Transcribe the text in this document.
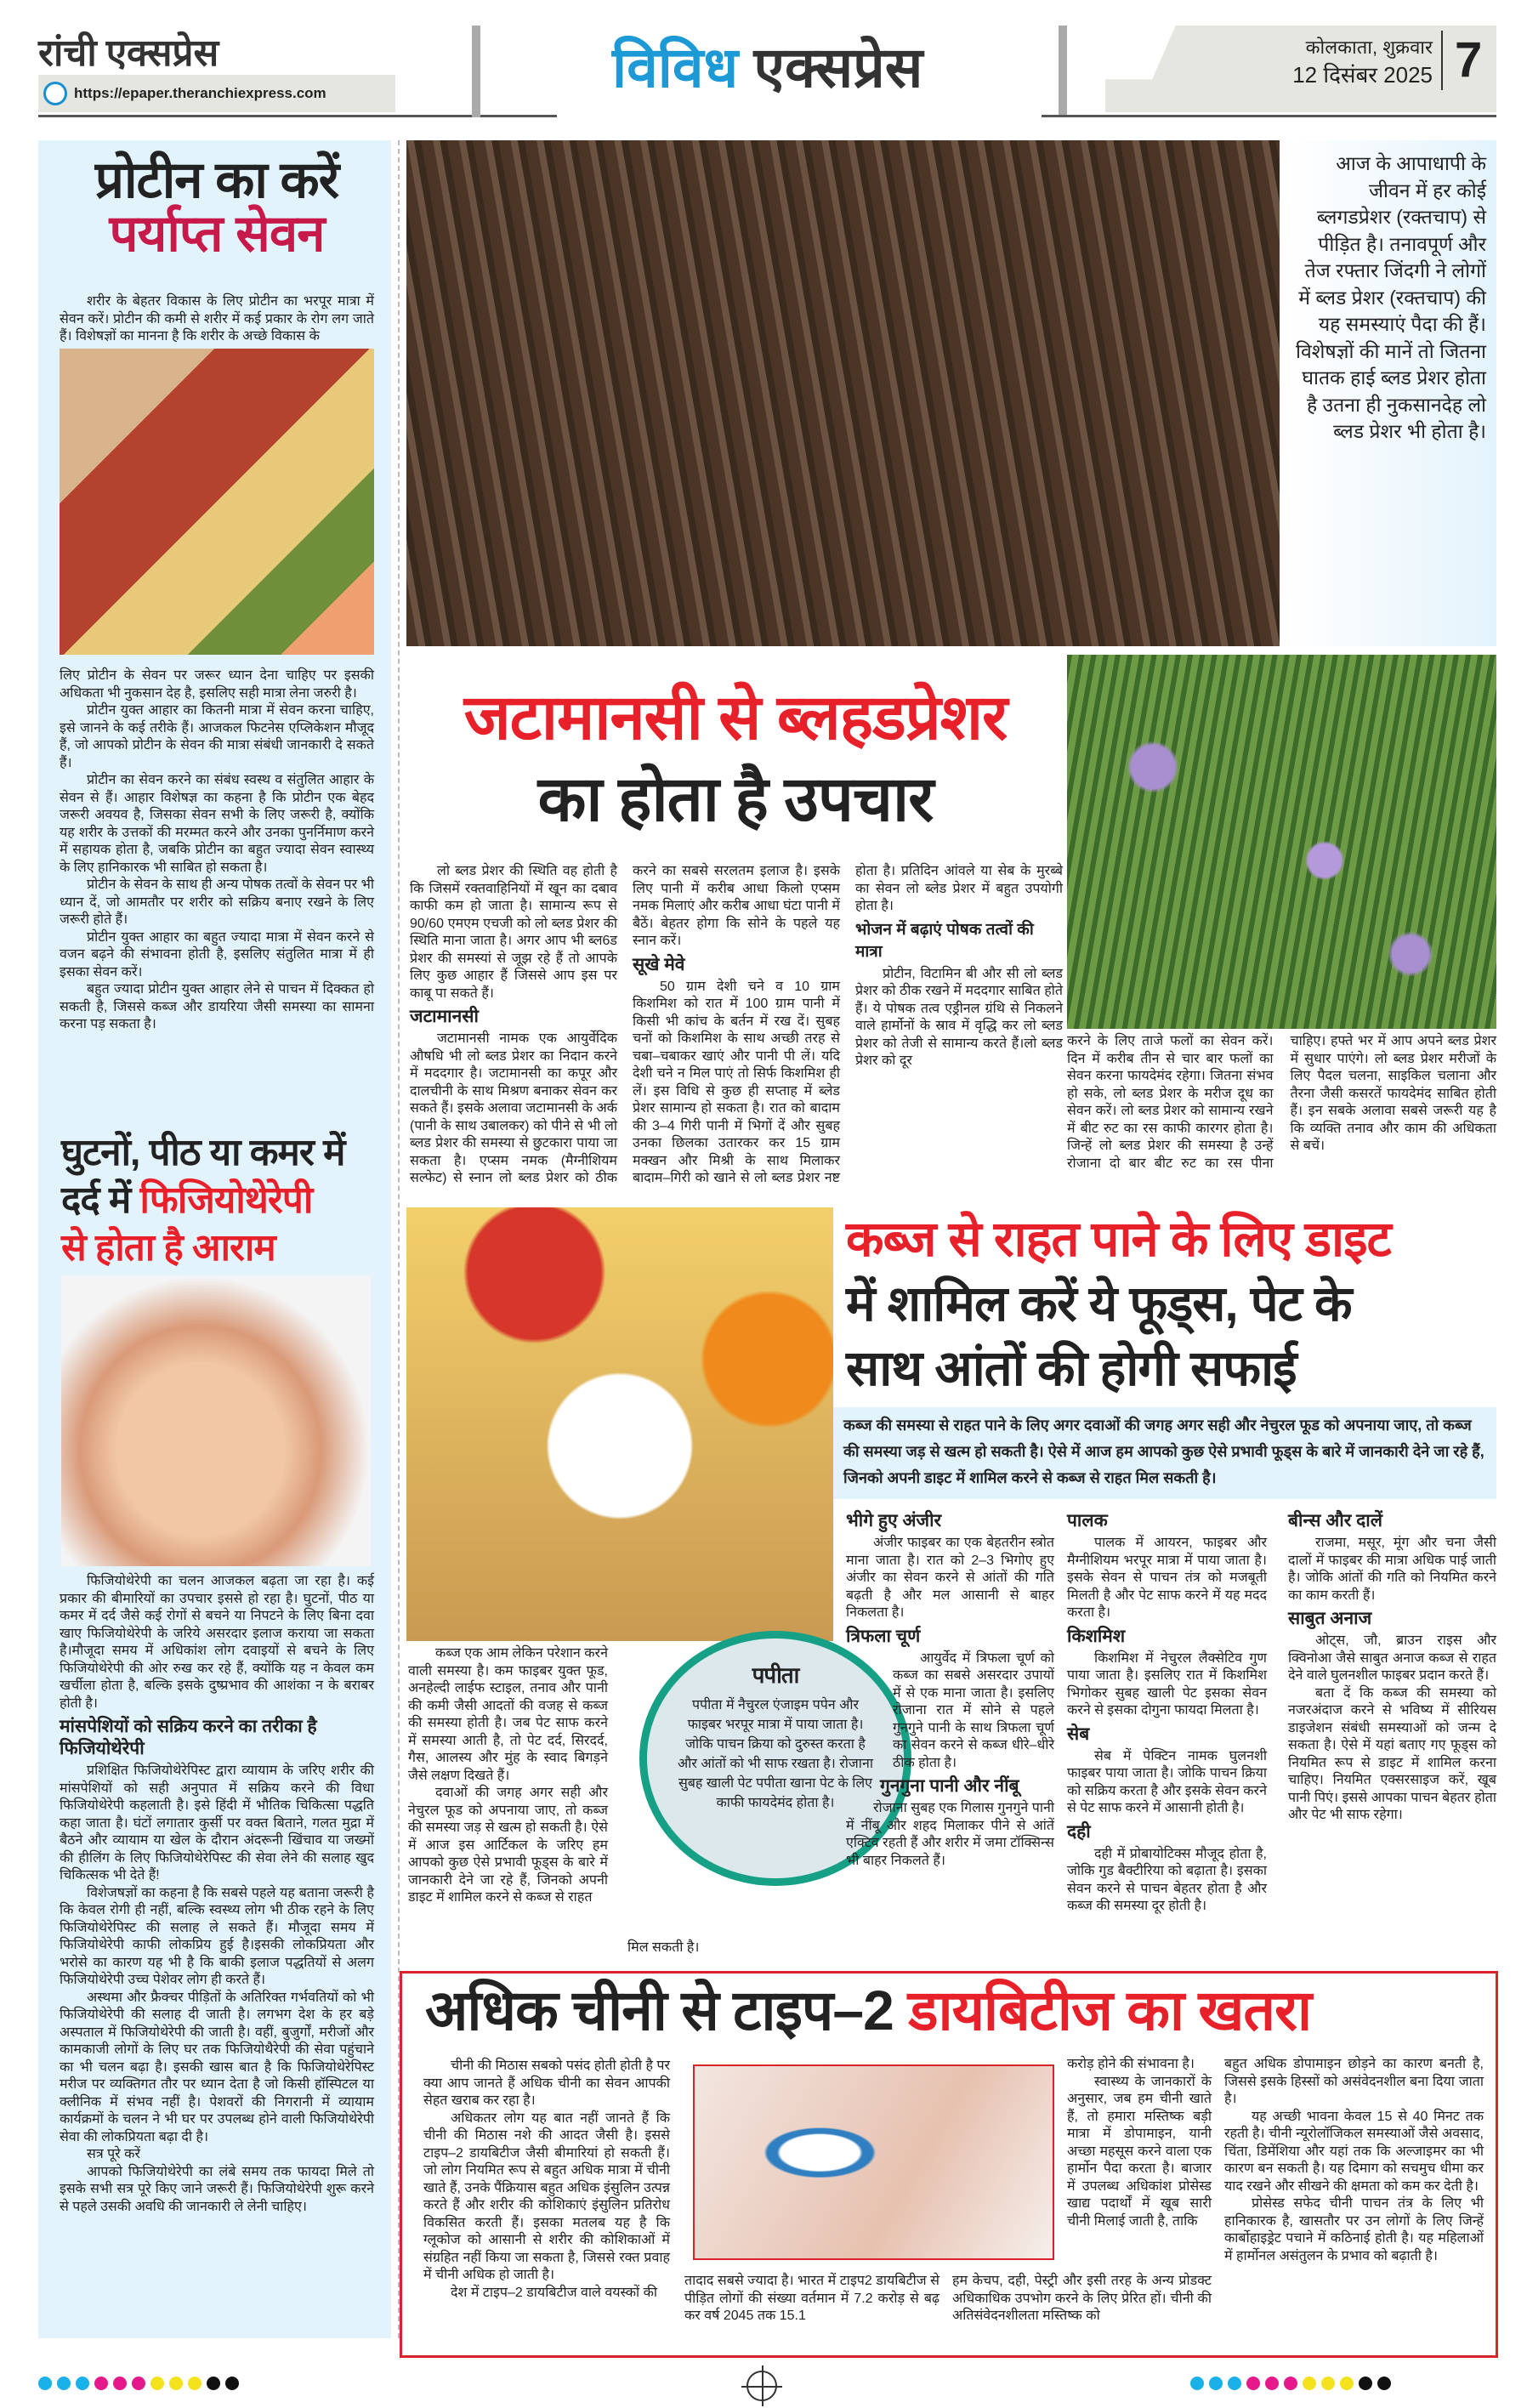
रांची एक्सप्रेस
https://epaper.theranchiexpress.com	विविध एक्सप्रेस	कोलकाता, शुक्रवार
12 दिसंबर 2025 7
प्रोटीन का करें
पर्याप्त सेवन

शरीर के बेहतर विकास के लिए प्रोटीन का भरपूर मात्रा में सेवन करें। प्रोटीन की कमी से शरीर में कई प्रकार के रोग लग जाते हैं। विशेषज्ञों का मानना है कि शरीर के अच्छे विकास के

लिए प्रोटीन के सेवन पर जरूर ध्यान देना चाहिए पर इसकी अधिकता भी नुकसान देह है, इसलिए सही मात्रा लेना जरुरी है।

प्रोटीन युक्त आहार का कितनी मात्रा में सेवन करना चाहिए, इसे जानने के कई तरीके हैं। आजकल फिटनेस एप्लिकेशन मौजूद हैं, जो आपको प्रोटीन के सेवन की मात्रा संबंधी जानकारी दे सकते हैं।

प्रोटीन का सेवन करने का संबंध स्वस्थ व संतुलित आहार के सेवन से हैं। आहार विशेषज्ञ का कहना है कि प्रोटीन एक बेहद जरूरी अवयव है, जिसका सेवन सभी के लिए जरूरी है, क्योंकि यह शरीर के उत्तकों की मरम्मत करने और उनका पुनर्निमाण करने में सहायक होता है, जबकि प्रोटीन का बहुत ज्यादा सेवन स्वास्थ्य के लिए हानिकारक भी साबित हो सकता है।

प्रोटीन के सेवन के साथ ही अन्य पोषक तत्वों के सेवन पर भी ध्यान दें, जो आमतौर पर शरीर को सक्रिय बनाए रखने के लिए जरूरी होते हैं।

प्रोटीन युक्त आहार का बहुत ज्यादा मात्रा में सेवन करने से वजन बढ़ने की संभावना होती है, इसलिए संतुलित मात्रा में ही इसका सेवन करें।

बहुत ज्यादा प्रोटीन युक्त आहार लेने से पाचन में दिक्कत हो सकती है, जिससे कब्ज और डायरिया जैसी समस्या का सामना करना पड़ सकता है।

घुटनों, पीठ या कमर में
दर्द में फिजियोथेरेपी
से होता है आराम

फिजियोथेरेपी का चलन आजकल बढ़ता जा रहा है। कई प्रकार की बीमारियों का उपचार इससे हो रहा है। घुटनों, पीठ या कमर में दर्द जैसे कई रोगों से बचने या निपटने के लिए बिना दवा खाए फिजियोथेरेपी के जरिये असरदार इलाज कराया जा सकता है।मौजूदा समय में अधिकांश लोग दवाइयों से बचने के लिए फिजियोथेरेपी की ओर रुख कर रहे हैं, क्योंकि यह न केवल कम खर्चीला होता है, बल्कि इसके दुष्प्रभाव की आशंका न के बराबर होती है।

मांसपेशियों को सक्रिय करने का तरीका है फिजियोथेरेपी

प्रशिक्षित फिजियोथेरेपिस्ट द्वारा व्यायाम के जरिए शरीर की मांसपेशियों को सही अनुपात में सक्रिय करने की विधा फिजियोथेरेपी कहलाती है। इसे हिंदी में भौतिक चिकित्सा पद्धति कहा जाता है। घंटों लगातार कुर्सी पर वक्त बिताने, गलत मुद्रा में बैठने और व्यायाम या खेल के दौरान अंदरूनी खिंचाव या जख्मों की हीलिंग के लिए फिजियोथेरेपिस्ट की सेवा लेने की सलाह खुद चिकित्सक भी देते हैं!

विशेजषज्ञों का कहना है कि सबसे पहले यह बताना जरूरी है कि केवल रोगी ही नहीं, बल्कि स्वस्थ्य लोग भी ठीक रहने के लिए फिजियोथेरेपिस्ट की सलाह ले सकते हैं। मौजूदा समय में फिजियोथेरेपी काफी लोकप्रिय हुई है।इसकी लोकप्रियता और भरोसे का कारण यह भी है कि बाकी इलाज पद्धतियों से अलग फिजियोथेरेपी उच्च पेशेवर लोग ही करते हैं।

अस्थमा और फ्रैक्चर पीड़ितों के अतिरिक्त गर्भवतियों को भी फिजियोथेरेपी की सलाह दी जाती है। लगभग देश के हर बड़े अस्पताल में फिजियोथेरेपी की जाती है। वहीं, बुजुर्गों, मरीजों और कामकाजी लोगों के लिए घर तक फिजियोथैरेपी की सेवा पहुंचाने का भी चलन बढ़ा है। इसकी खास बात है कि फिजियोथेरेपिस्ट मरीज पर व्यक्तिगत तौर पर ध्यान देता है जो किसी हॉस्पिटल या क्लीनिक में संभव नहीं है। पेशवरों की निगरानी में व्यायाम कार्यक्रमों के चलन ने भी घर पर उपलब्ध होने वाली फिजियोथेरेपी सेवा की लोकप्रियता बढ़ा दी है।

सत्र पूरे करें

आपको फिजियोथेरेपी का लंबे समय तक फायदा मिले तो इसके सभी सत्र पूरे किए जाने जरूरी हैं। फिजियोथेरेपी शुरू करने से पहले उसकी अवधि की जानकारी ले लेनी चाहिए।

आज के आपाधापी के जीवन में हर कोई ब्लगडप्रेशर (रक्तचाप) से पीड़ित है। तनावपूर्ण और तेज रफ्तार जिंदगी ने लोगों में ब्लड प्रेशर (रक्तचाप) की यह समस्याएं पैदा की हैं। विशेषज्ञों की मानें तो जितना घातक हाई ब्लड प्रेशर होता है उतना ही नुकसानदेह लो ब्लड प्रेशर भी होता है।
जटामानसी से ब्लहडप्रेशर
का होता है उपचार

लो ब्लड प्रेशर की स्थिति वह होती है कि जिसमें रक्तवाहिनियों में खून का दबाव काफी कम हो जाता है। सामान्य रूप से 90/60 एमएम एचजी को लो ब्लड प्रेशर की स्थिति माना जाता है। अगर आप भी ब्ल6ड प्रेशर की समस्यां से जूझ रहे हैं तो आपके लिए कुछ आहार हैं जिससे आप इस पर काबू पा सकते हैं।

जटामानसी

जटामानसी नामक एक आयुर्वेदिक औषधि भी लो ब्लड प्रेशर का निदान करने में मददगार है। जटामानसी का कपूर और दालचीनी के साथ मिश्रण बनाकर सेवन कर सकते हैं। इसके अलावा जटामानसी के अर्क (पानी के साथ उबालकर) को पीने से भी लो ब्लड प्रेशर की समस्या से छुटकारा पाया जा सकता है। एप्सम नमक (मैग्नीशियम सल्फेट) से स्नान लो ब्लड प्रेशर को ठीक करने का सबसे सरलतम इलाज है। इसके लिए पानी में करीब आधा किलो एप्सम नमक मिलाएं और करीब आधा घंटा पानी में बैठें। बेहतर होगा कि सोने के पहले यह स्नान करें।

सूखे मेवे

50 ग्राम देशी चने व 10 ग्राम किशमिश को रात में 100 ग्राम पानी में किसी भी कांच के बर्तन में रख दें। सुबह चनों को किशमिश के साथ अच्छी तरह से चबा–चबाकर खाएं और पानी पी लें। यदि देशी चने न मिल पाएं तो सिर्फ किशमिश ही लें। इस विधि से कुछ ही सप्ताह में ब्लेड प्रेशर सामान्य हो सकता है। रात को बादाम की 3–4 गिरी पानी में भिगों दें और सुबह उनका छिलका उतारकर कर 15 ग्राम मक्खन और मिश्री के साथ मिलाकर बादाम–गिरी को खाने से लो ब्लड प्रेशर नष्ट होता है। प्रतिदिन आंवले या सेब के मुरब्बे का सेवन लो ब्लेड प्रेशर में बहुत उपयोगी होता है।

भोजन में बढ़ाएं पोषक तत्वों की मात्रा

प्रोटीन, विटामिन बी और सी लो ब्लड प्रेशर को ठीक रखने में मददगार साबित होते हैं। ये पोषक तत्व एड्रीनल ग्रंथि से निकलने वाले हार्मोनों के स्राव में वृद्धि कर लो ब्लड प्रेशर को तेजी से सामान्य करते हैं।लो ब्लड प्रेशर को दूर

करने के लिए ताजे फलों का सेवन करें। दिन में करीब तीन से चार बार फलों का सेवन करना फायदेमंद रहेगा। जितना संभव हो सके, लो ब्लड प्रेशर के मरीज दूध का सेवन करें। लो ब्लड प्रेशर को सामान्य रखने में बीट रुट का रस काफी कारगर होता है। जिन्हें लो ब्लड प्रेशर की समस्या है उन्हें रोजाना दो बार बीट रुट का रस पीना चाहिए। हफ्ते भर में आप अपने ब्लड प्रेशर में सुधार पाएंगे। लो ब्लड प्रेशर मरीजों के लिए पैदल चलना, साइकिल चलाना और तैरना जैसी कसरतें फायदेमंद साबित होती हैं। इन सबके अलावा सबसे जरूरी यह है कि व्यक्ति तनाव और काम की अधिकता से बचें।

कब्ज से राहत पाने के लिए डाइट
में शामिल करें ये फूड्स, पेट के
साथ आंतों की होगी सफाई
कब्ज की समस्या से राहत पाने के लिए अगर दवाओं की जगह अगर सही और नेचुरल फूड को अपनाया जाए, तो कब्ज की समस्या जड़ से खत्म हो सकती है। ऐसे में आज हम आपको कुछ ऐसे प्रभावी फूड्स के बारे में जानकारी देने जा रहे हैं, जिनको अपनी डाइट में शामिल करने से कब्ज से राहत मिल सकती है।

कब्ज एक आम लेकिन परेशान करने वाली समस्या है। कम फाइबर युक्त फूड, अनहेल्दी लाईफ स्टाइल, तनाव और पानी की कमी जैसी आदतों की वजह से कब्ज की समस्या होती है। जब पेट साफ करने में समस्या आती है, तो पेट दर्द, सिरदर्द, गैस, आलस्य और मुंह के स्वाद बिगड़ने जैसे लक्षण दिखते हैं।

दवाओं की जगह अगर सही और नेचुरल फूड को अपनाया जाए, तो कब्ज की समस्या जड़ से खत्म हो सकती है। ऐसे में आज इस आर्टिकल के जरिए हम आपको कुछ ऐसे प्रभावी फूड्स के बारे में जानकारी देने जा रहे हैं, जिनको अपनी डाइट में शामिल करने से कब्ज से राहत

मिल सकती है।
पपीता
पपीता में नैचुरल एंजाइम पपेन और फाइबर भरपूर मात्रा में पाया जाता है। जोकि पाचन क्रिया को दुरुस्त करता है और आंतों को भी साफ रखता है। रोजाना सुबह खाली पेट पपीता खाना पेट के लिए काफी फायदेमंद होता है।
भीगे हुए अंजीर

अंजीर फाइबर का एक बेहतरीन स्त्रोत माना जाता है। रात को 2–3 भिगोए हुए अंजीर का सेवन करने से आंतों की गति बढ़ती है और मल आसानी से बाहर निकलता है।

त्रिफला चूर्ण

आयुर्वेद में त्रिफला चूर्ण को कब्ज का सबसे असरदार उपायों में से एक माना जाता है। इसलिए रोजाना रात में सोने से पहले गुनगुने पानी के साथ त्रिफला चूर्ण का सेवन करने से कब्ज धीरे–धीरे ठीक होता है।

गुनगुना पानी और नींबू

रोजाना सुबह एक गिलास गुनगुने पानी में नींबू और शहद मिलाकर पीने से आंतें एक्टिव रहती हैं और शरीर में जमा टॉक्सिन्स भी बाहर निकलते हैं।

पालक

पालक में आयरन, फाइबर और मैग्नीशियम भरपूर मात्रा में पाया जाता है। इसके सेवन से पाचन तंत्र को मजबूती मिलती है और पेट साफ करने में यह मदद करता है।

किशमिश

किशमिश में नेचुरल लैक्सेटिव गुण पाया जाता है। इसलिए रात में किशमिश भिगोकर सुबह खाली पेट इसका सेवन करने से इसका दोगुना फायदा मिलता है।

सेब

सेब में पेक्टिन नामक घुलनशी फाइबर पाया जाता है। जोकि पाचन क्रिया को सक्रिय करता है और इसके सेवन करने से पेट साफ करने में आसानी होती है।

दही

दही में प्रोबायोटिक्स मौजूद होता है, जोकि गुड बैक्टीरिया को बढ़ाता है। इसका सेवन करने से पाचन बेहतर होता है और कब्ज की समस्या दूर होती है।

बीन्स और दालें

राजमा, मसूर, मूंग और चना जैसी दालों में फाइबर की मात्रा अधिक पाई जाती है। जोकि आंतों की गति को नियमित करने का काम करती हैं।

साबुत अनाज

ओट्स, जौ, ब्राउन राइस और क्विनोआ जैसे साबुत अनाज कब्ज से राहत देने वाले घुलनशील फाइबर प्रदान करते हैं।

बता दें कि कब्ज की समस्या को नजरअंदाज करने से भविष्य में सीरियस डाइजेशन संबंधी समस्याओं को जन्म दे सकता है। ऐसे में यहां बताए गए फूड्स को नियमित रूप से डाइट में शामिल करना चाहिए। नियमित एक्सरसाइज करें, खूब पानी पिएं। इससे आपका पाचन बेहतर होता और पेट भी साफ रहेगा।

अधिक चीनी से टाइप–2 डायबिटीज का खतरा

चीनी की मिठास सबको पसंद होती होती है पर क्या आप जानते हैं अधिक चीनी का सेवन आपकी सेहत खराब कर रहा है।

अधिकतर लोग यह बात नहीं जानते हैं कि चीनी की मिठास नशे की आदत जैसी है। इससे टाइप–2 डायबिटीज जैसी बीमारियां हो सकती हैं। जो लोग नियमित रूप से बहुत अधिक मात्रा में चीनी खाते हैं, उनके पैंक्रियास बहुत अधिक इंसुलिन उत्पन्न करते हैं और शरीर की कोशिकाएं इंसुलिन प्रतिरोध विकसित करती हैं। इसका मतलब यह है कि ग्लूकोज को आसानी से शरीर की कोशिकाओं में संग्रहित नहीं किया जा सकता है, जिससे रक्त प्रवाह में चीनी अधिक हो जाती है।

देश में टाइप–2 डायबिटीज वाले वयस्कों की

तादाद सबसे ज्यादा है। भारत में टाइप2 डायबिटीज से पीड़ित लोगों की संख्या वर्तमान में 7.2 करोड़ से बढ़ कर वर्ष 2045 तक 15.1

करोड़ होने की संभावना है।

स्वास्थ्य के जानकारों के अनुसार, जब हम चीनी खाते हैं, तो हमारा मस्तिष्क बड़ी मात्रा में डोपामाइन, यानी अच्छा महसूस करने वाला एक हार्मोन पैदा करता है। बाजार में उपलब्ध अधिकांश प्रोसेस्ड खाद्य पदार्थों में खूब सारी चीनी मिलाई जाती है, ताकि

हम केचप, दही, पेस्ट्री और इसी तरह के अन्य प्रोडक्ट अधिकाधिक उपभोग करने के लिए प्रेरित हों। चीनी की अतिसंवेदनशीलता मस्तिष्क को

बहुत अधिक डोपामाइन छोड़ने का कारण बनती है, जिससे इसके हिस्सों को असंवेदनशील बना दिया जाता है।

यह अच्छी भावना केवल 15 से 40 मिनट तक रहती है। चीनी न्यूरोलॉजिकल समस्याओं जैसे अवसाद, चिंता, डिमेंशिया और यहां तक कि अल्जाइमर का भी कारण बन सकती है। यह दिमाग को सचमुच धीमा कर याद रखने और सीखने की क्षमता को कम कर देती है।

प्रोसेस्ड सफेद चीनी पाचन तंत्र के लिए भी हानिकारक है, खासतौर पर उन लोगों के लिए जिन्हें कार्बोहाइड्रेट पचाने में कठिनाई होती है। यह महिलाओं में हार्मोनल असंतुलन के प्रभाव को बढ़ाती है।
